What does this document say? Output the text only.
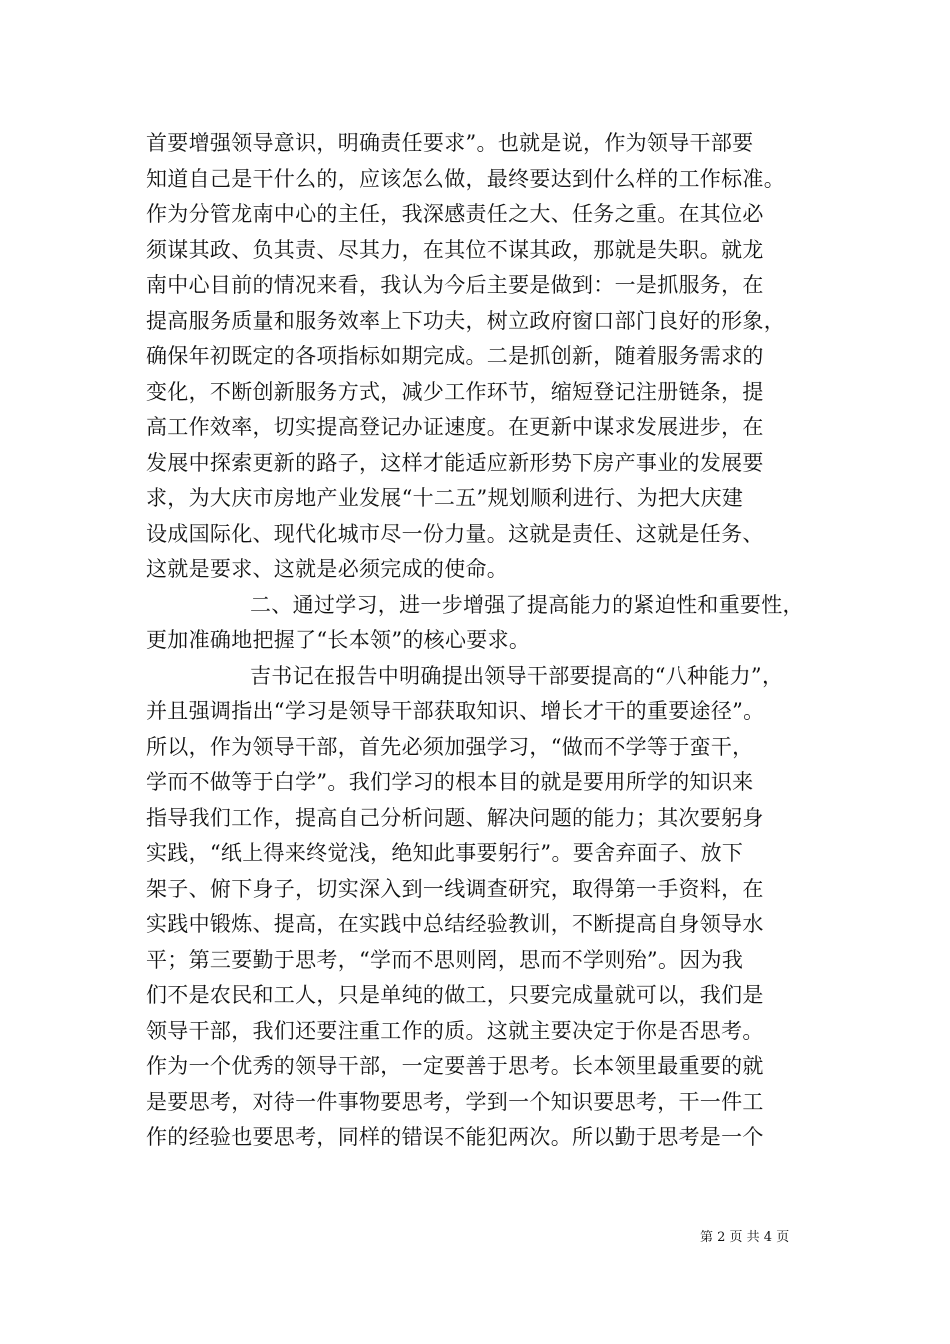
首要增强领导意识，明确责任要求”。也就是说，作为领导干部要
知道自己是干什么的，应该怎么做，最终要达到什么样的工作标准。
作为分管龙南中心的主任，我深感责任之大、任务之重。在其位必
须谋其政、负其责、尽其力，在其位不谋其政，那就是失职。就龙
南中心目前的情况来看，我认为今后主要是做到：一是抓服务，在
提高服务质量和服务效率上下功夫，树立政府窗口部门良好的形象，
确保年初既定的各项指标如期完成。二是抓创新，随着服务需求的
变化，不断创新服务方式，减少工作环节，缩短登记注册链条，提
高工作效率，切实提高登记办证速度。在更新中谋求发展进步，在
发展中探索更新的路子，这样才能适应新形势下房产事业的发展要
求，为大庆市房地产业发展“十二五”规划顺利进行、为把大庆建
设成国际化、现代化城市尽一份力量。这就是责任、这就是任务、
这就是要求、这就是必须完成的使命。
二、通过学习，进一步增强了提高能力的紧迫性和重要性，
更加准确地把握了“长本领”的核心要求。
吉书记在报告中明确提出领导干部要提高的“八种能力”，
并且强调指出“学习是领导干部获取知识、增长才干的重要途径”。
所以，作为领导干部，首先必须加强学习，“做而不学等于蛮干，
学而不做等于白学”。我们学习的根本目的就是要用所学的知识来
指导我们工作，提高自己分析问题、解决问题的能力；其次要躬身
实践，“纸上得来终觉浅，绝知此事要躬行”。要舍弃面子、放下
架子、俯下身子，切实深入到一线调查研究，取得第一手资料，在
实践中锻炼、提高，在实践中总结经验教训，不断提高自身领导水
平；第三要勤于思考，“学而不思则罔，思而不学则殆”。因为我
们不是农民和工人，只是单纯的做工，只要完成量就可以，我们是
领导干部，我们还要注重工作的质。这就主要决定于你是否思考。
作为一个优秀的领导干部，一定要善于思考。长本领里最重要的就
是要思考，对待一件事物要思考，学到一个知识要思考，干一件工
作的经验也要思考，同样的错误不能犯两次。所以勤于思考是一个
第 2 页 共 4 页
